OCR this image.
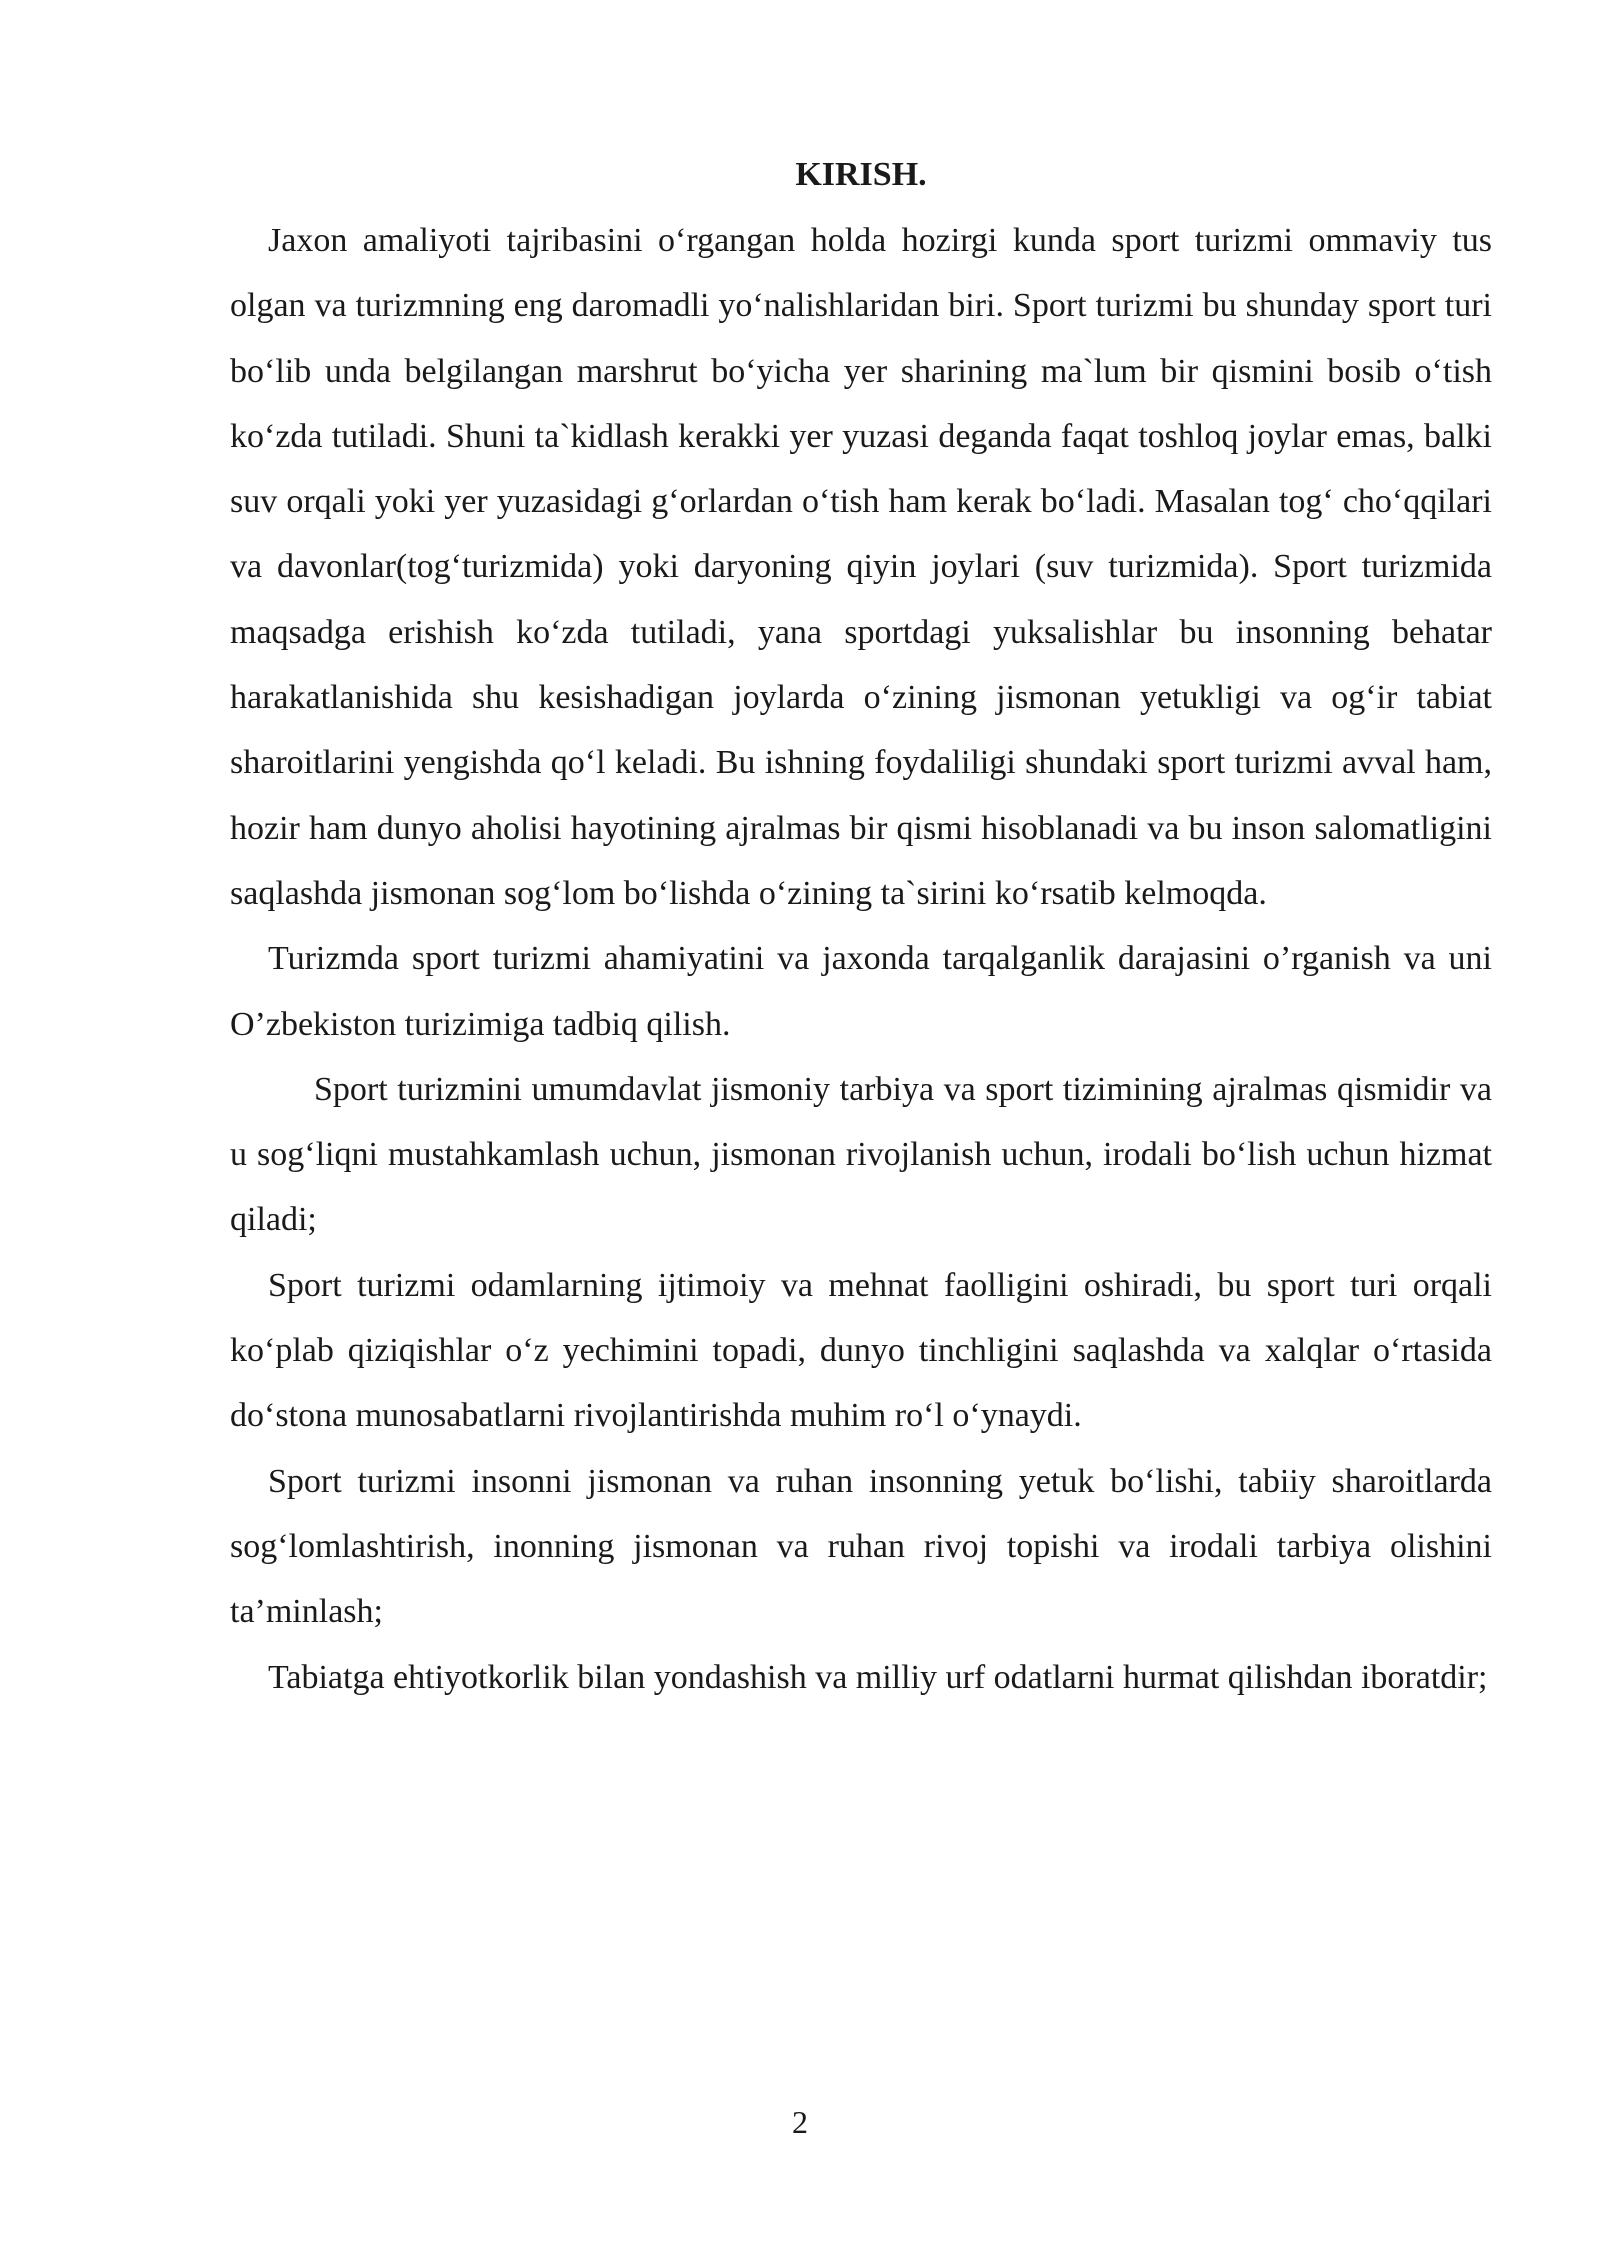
KIRISH.

Jaxon amaliyoti tajribasini o‘rgangan holda hozirgi kunda sport turizmi ommaviy tus olgan va turizmning eng daromadli yo‘nalishlaridan biri. Sport turizmi bu shunday sport turi bo‘lib unda belgilangan marshrut bo‘yicha yer sharining ma`lum bir qismini bosib o‘tish ko‘zda tutiladi. Shuni ta`kidlash kerakki yer yuzasi deganda faqat toshloq joylar emas, balki suv orqali yoki yer yuzasidagi g‘orlardan o‘tish ham kerak bo‘ladi. Masalan tog‘ cho‘qqilari va davonlar(tog‘turizmida) yoki daryoning qiyin joylari (suv turizmida). Sport turizmida maqsadga erishish ko‘zda tutiladi, yana sportdagi yuksalishlar bu insonning behatar harakatlanishida shu kesishadigan joylarda o‘zining jismonan yetukligi va og‘ir tabiat sharoitlarini yengishda qo‘l keladi. Bu ishning foydaliligi shundaki sport turizmi avval ham, hozir ham dunyo aholisi hayotining ajralmas bir qismi hisoblanadi va bu inson salomatligini saqlashda jismonan sog‘lom bo‘lishda o‘zining ta`sirini ko‘rsatib kelmoqda.

Turizmda sport turizmi ahamiyatini va jaxonda tarqalganlik darajasini o’rganish va uni O’zbekiston turizimiga tadbiq qilish.

Sport turizmini umumdavlat jismoniy tarbiya va sport tizimining ajralmas qismidir va u sog‘liqni mustahkamlash uchun, jismonan rivojlanish uchun, irodali bo‘lish uchun hizmat qiladi;

Sport turizmi odamlarning ijtimoiy va mehnat faolligini oshiradi, bu sport turi orqali ko‘plab qiziqishlar o‘z yechimini topadi, dunyo tinchligini saqlashda va xalqlar o‘rtasida do‘stona munosabatlarni rivojlantirishda muhim ro‘l o‘ynaydi.

Sport turizmi insonni jismonan va ruhan insonning yetuk bo‘lishi, tabiiy sharoitlarda sog‘lomlashtirish, inonning jismonan va ruhan rivoj topishi va irodali tarbiya olishini ta’minlash;

Tabiatga ehtiyotkorlik bilan yondashish va milliy urf odatlarni hurmat qilishdan iboratdir;

2
